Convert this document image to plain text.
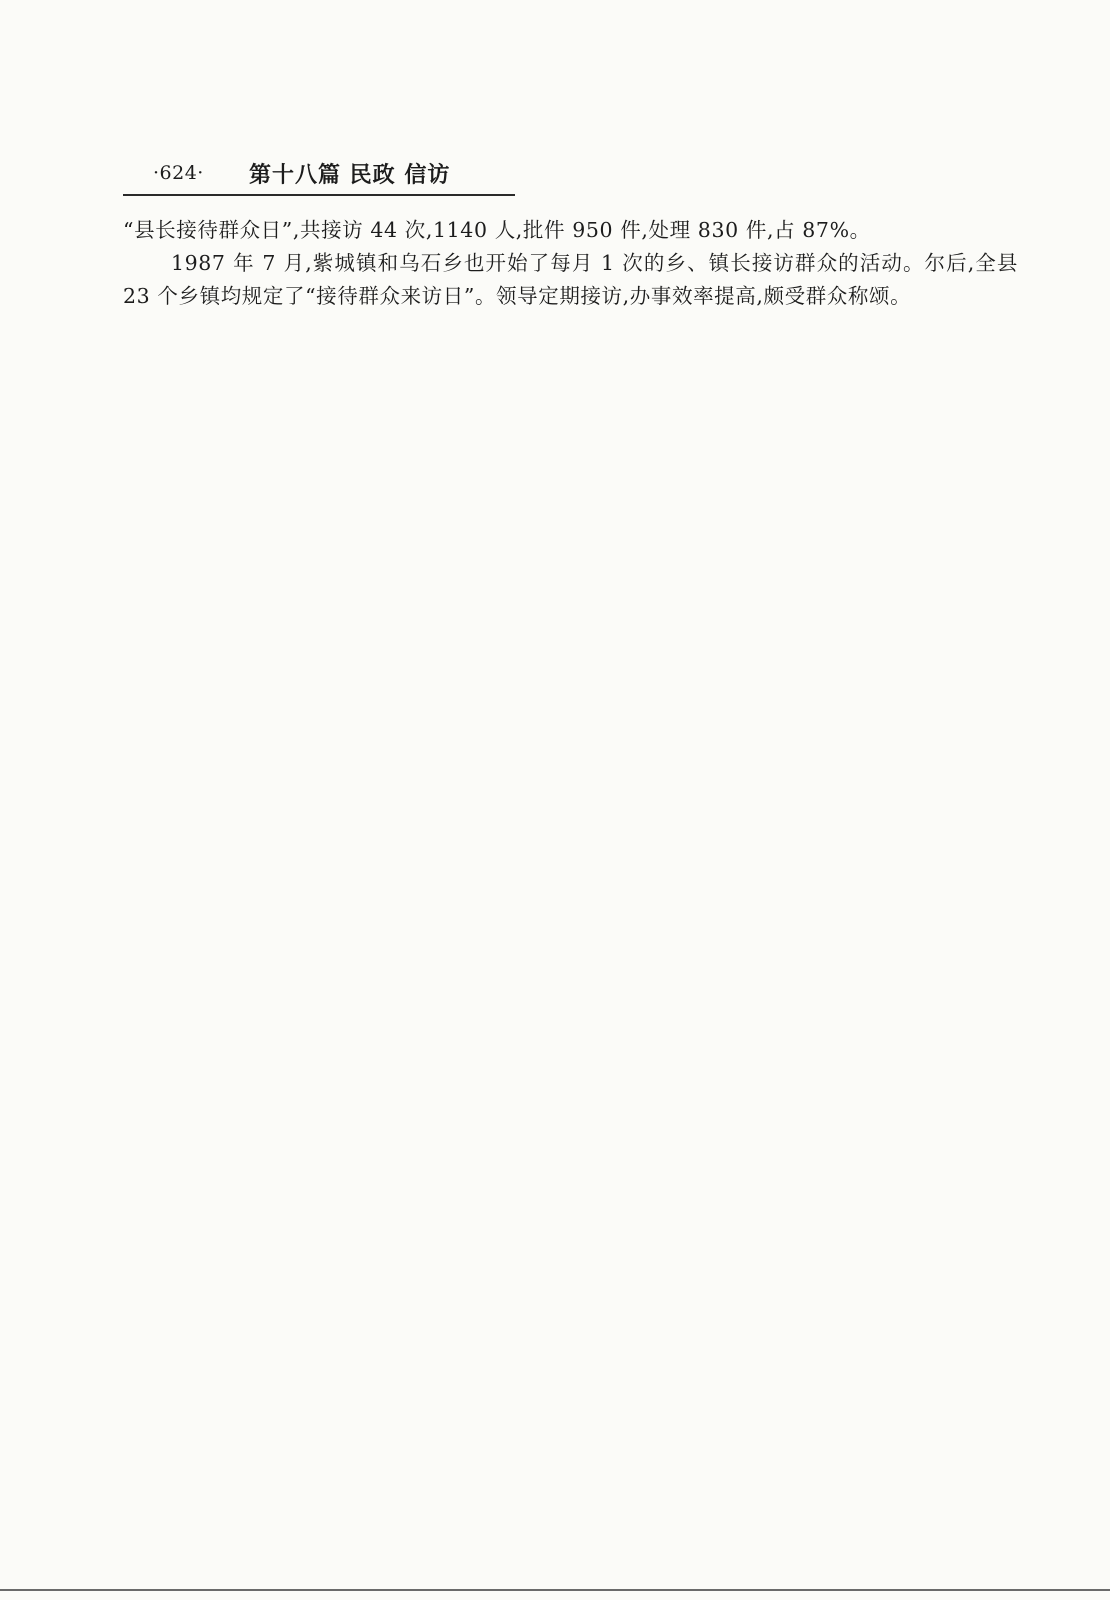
·624· 第十八篇 民政 信访

“县长接待群众日”,共接访 44 次,1140 人,批件 950 件,处理 830 件,占 87%。

1987 年 7 月,紫城镇和乌石乡也开始了每月 1 次的乡、镇长接访群众的活动。尔后,全县 23 个乡镇均规定了“接待群众来访日”。领导定期接访,办事效率提高,颇受群众称颂。
